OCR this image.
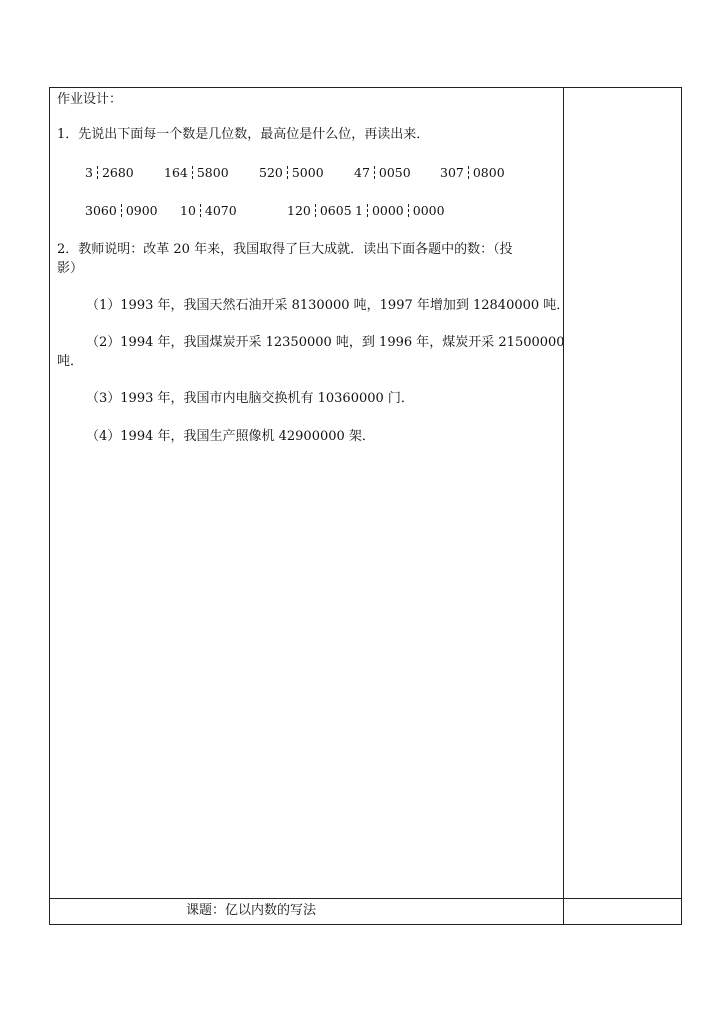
作业设计：
1．先说出下面每一个数是几位数，最高位是什么位，再读出来．
3 2680 164 5800 520 5000 47 0050 307 0800
3060 0900 10 4070	120 0605 1 0000 0000
2．教师说明：改革 20 年来，我国取得了巨大成就．读出下面各题中的数：（投
影）
（1）1993 年，我国天然石油开采 8130000 吨，1997 年增加到 12840000 吨．
（2）1994 年，我国煤炭开采 12350000 吨，到 1996 年，煤炭开采 21500000
吨．
（3）1993 年，我国市内电脑交换机有 10360000 门．
（4）1994 年，我国生产照像机 42900000 架．
课题：亿以内数的写法
